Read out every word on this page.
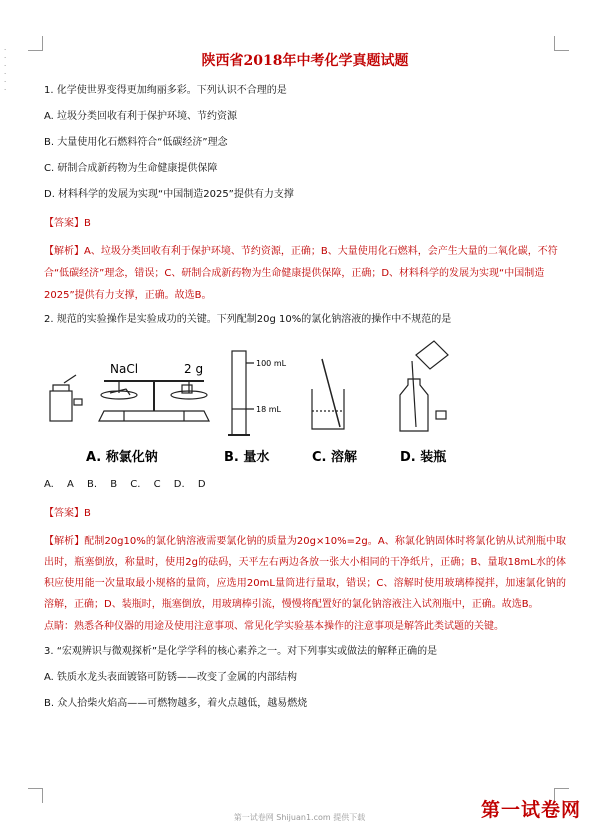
·
·
·
·
·
·
陕西省2018年中考化学真题试题
1. 化学使世界变得更加绚丽多彩。下列认识不合理的是
A. 垃圾分类回收有利于保护环境、节约资源
B. 大量使用化石燃料符合“低碳经济”理念
C. 研制合成新药物为生命健康提供保障
D. 材料科学的发展为实现“中国制造2025”提供有力支撑
【答案】B
【解析】A、垃圾分类回收有利于保护环境、节约资源，正确；B、大量使用化石燃料，会产生大量的二氧化碳，不符合“低碳经济”理念，错误；C、研制合成新药物为生命健康提供保障，正确；D、材料科学的发展为实现“中国制造2025”提供有力支撑，正确。故选B。
2. 规范的实验操作是实验成功的关键。下列配制20g 10%的氯化钠溶液的操作中不规范的是
NaCl	2 g	100 mL
18 mL
A. 称氯化钠	B. 量水	C. 溶解	D. 装瓶
A. A B. B C. C D. D
【答案】B
【解析】配制20g10%的氯化钠溶液需要氯化钠的质量为20g×10%=2g。A、称氯化钠固体时将氯化钠从试剂瓶中取出时，瓶塞倒放，称量时，使用2g的砝码，天平左右两边各放一张大小相同的干净纸片，正确；B、量取18mL水的体积应使用能一次量取最小规格的量筒，应选用20mL量筒进行量取，错误；C、溶解时使用玻璃棒搅拌，加速氯化钠的溶解，正确；D、装瓶时，瓶塞倒放，用玻璃棒引流，慢慢将配置好的氯化钠溶液注入试剂瓶中，正确。故选B。
点睛：熟悉各种仪器的用途及使用注意事项、常见化学实验基本操作的注意事项是解答此类试题的关键。
3. “宏观辨识与微观探析”是化学学科的核心素养之一。对下列事实或做法的解释正确的是
A. 铁质水龙头表面镀铬可防锈——改变了金属的内部结构
B. 众人拾柴火焰高——可燃物越多，着火点越低，越易燃烧
第一试卷网
第一试卷网 Shijuan1.com 提供下载
